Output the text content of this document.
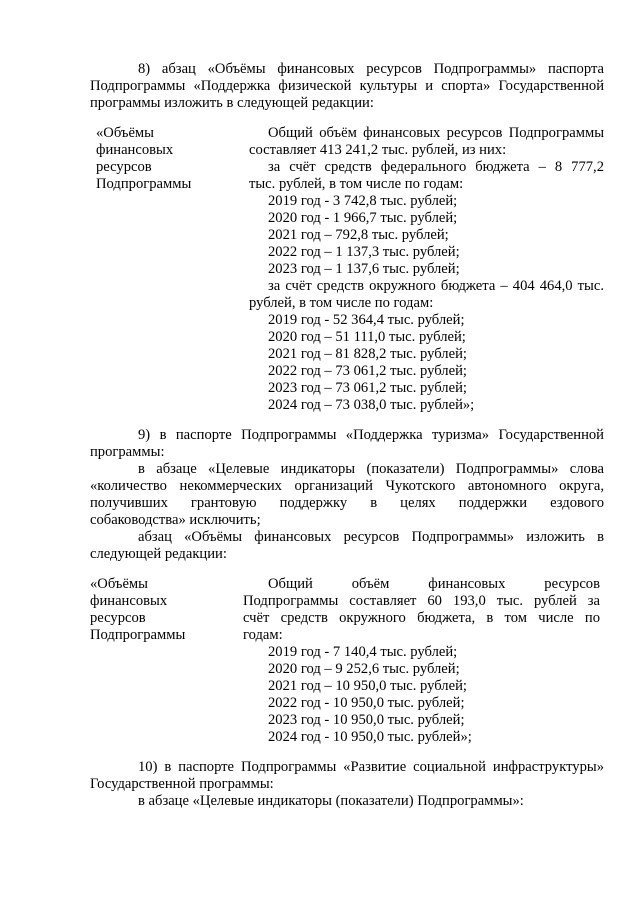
8) абзац «Объёмы финансовых ресурсов Подпрограммы» паспорта
Подпрограммы «Поддержка физической культуры и спорта» Государственной
программы изложить в следующей редакции:
«Объёмы
финансовых
ресурсов
Подпрограммы
Общий объём финансовых ресурсов Подпрограммы
составляет 413 241,2 тыс. рублей, из них:
за счёт средств федерального бюджета – 8 777,2
тыс. рублей, в том числе по годам:
2019 год - 3 742,8 тыс. рублей;
2020 год - 1 966,7 тыс. рублей;
2021 год – 792,8 тыс. рублей;
2022 год – 1 137,3 тыс. рублей;
2023 год – 1 137,6 тыс. рублей;
за счёт средств окружного бюджета – 404 464,0 тыс.
рублей, в том числе по годам:
2019 год - 52 364,4 тыс. рублей;
2020 год – 51 111,0 тыс. рублей;
2021 год – 81 828,2 тыс. рублей;
2022 год – 73 061,2 тыс. рублей;
2023 год – 73 061,2 тыс. рублей;
2024 год – 73 038,0 тыс. рублей»;
9) в паспорте Подпрограммы «Поддержка туризма» Государственной
программы:
в абзаце «Целевые индикаторы (показатели) Подпрограммы» слова
«количество некоммерческих организаций Чукотского автономного округа,
получивших грантовую поддержку в целях поддержки ездового
собаководства» исключить;
абзац «Объёмы финансовых ресурсов Подпрограммы» изложить в
следующей редакции:
«Объёмы
финансовых
ресурсов
Подпрограммы
Общий объём финансовых ресурсов
Подпрограммы составляет 60 193,0 тыс. рублей за
счёт средств окружного бюджета, в том числе по
годам:
2019 год - 7 140,4 тыс. рублей;
2020 год – 9 252,6 тыс. рублей;
2021 год – 10 950,0 тыс. рублей;
2022 год - 10 950,0 тыс. рублей;
2023 год - 10 950,0 тыс. рублей;
2024 год - 10 950,0 тыс. рублей»;
10) в паспорте Подпрограммы «Развитие социальной инфраструктуры»
Государственной программы:
в абзаце «Целевые индикаторы (показатели) Подпрограммы»:
